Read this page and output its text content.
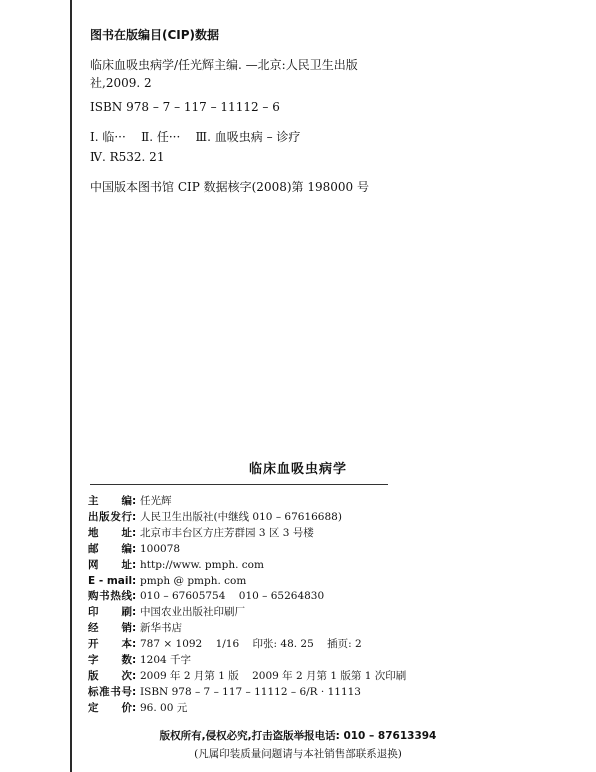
图书在版编目(CIP)数据
临床血吸虫病学/任光辉主编. —北京:人民卫生出版
社,2009. 2
ISBN 978 – 7 – 117 – 11112 – 6
Ⅰ. 临···    Ⅱ. 任···    Ⅲ. 血吸虫病 – 诊疗
Ⅳ. R532. 21
中国版本图书馆 CIP 数据核字(2008)第 198000 号
临床血吸虫病学
主编 : 任光辉
出版发行 : 人民卫生出版社(中继线 010 – 67616688)
地址 : 北京市丰台区方庄芳群园 3 区 3 号楼
邮编 : 100078
网址 : http://www. pmph. com
E - mail : pmph @ pmph. com
购书热线 : 010 – 67605754    010 – 65264830
印刷 : 中国农业出版社印刷厂
经销 : 新华书店
开本 : 787 × 1092    1/16    印张: 48. 25    插页: 2
字数 : 1204 千字
版次 : 2009 年 2 月第 1 版    2009 年 2 月第 1 版第 1 次印刷
标准书号 : ISBN 978 – 7 – 117 – 11112 – 6/R · 11113
定价 : 96. 00 元
版权所有,侵权必究,打击盗版举报电话: 010 – 87613394
(凡属印装质量问题请与本社销售部联系退换)
